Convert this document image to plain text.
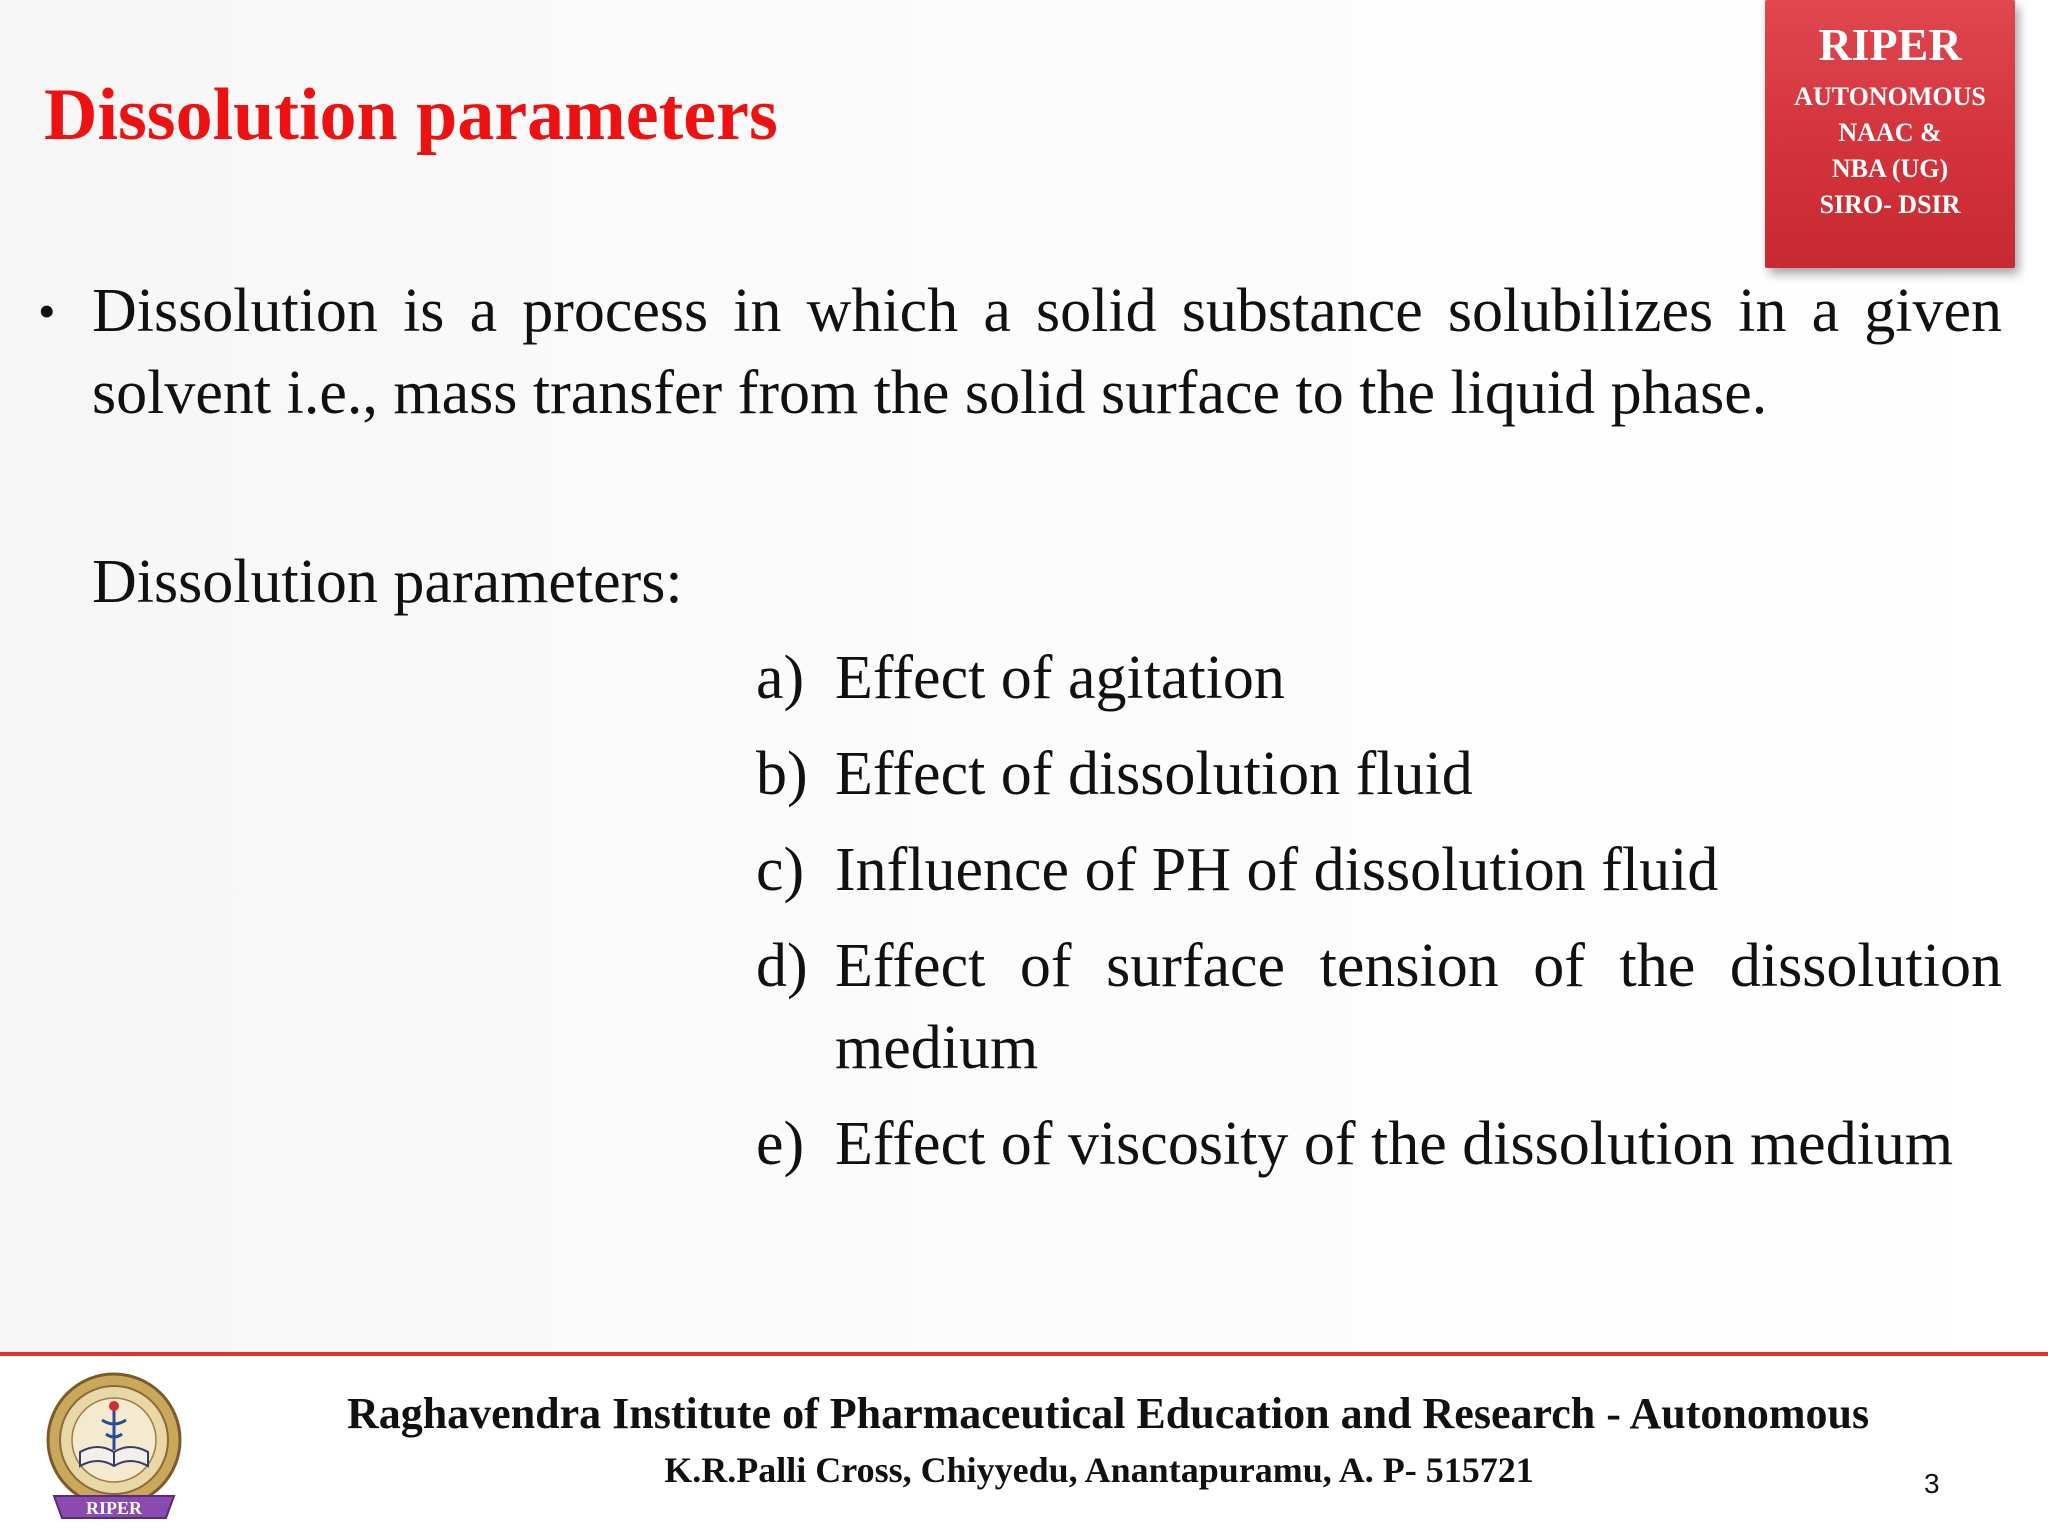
Dissolution parameters
RIPER
AUTONOMOUS
NAAC &
NBA (UG)
SIRO- DSIR
• Dissolution is a process in which a solid substance solubilizes in a given solvent i.e., mass transfer from the solid surface to the liquid phase.
Dissolution parameters:
a) Effect of agitation
b) Effect of dissolution fluid
c) Influence of PH of dissolution fluid
d) Effect of surface tension of the dissolution medium
e) Effect of viscosity of the dissolution medium
RIPER
Raghavendra Institute of Pharmaceutical Education and Research - Autonomous
K.R.Palli Cross, Chiyyedu, Anantapuramu, A. P- 515721	3
